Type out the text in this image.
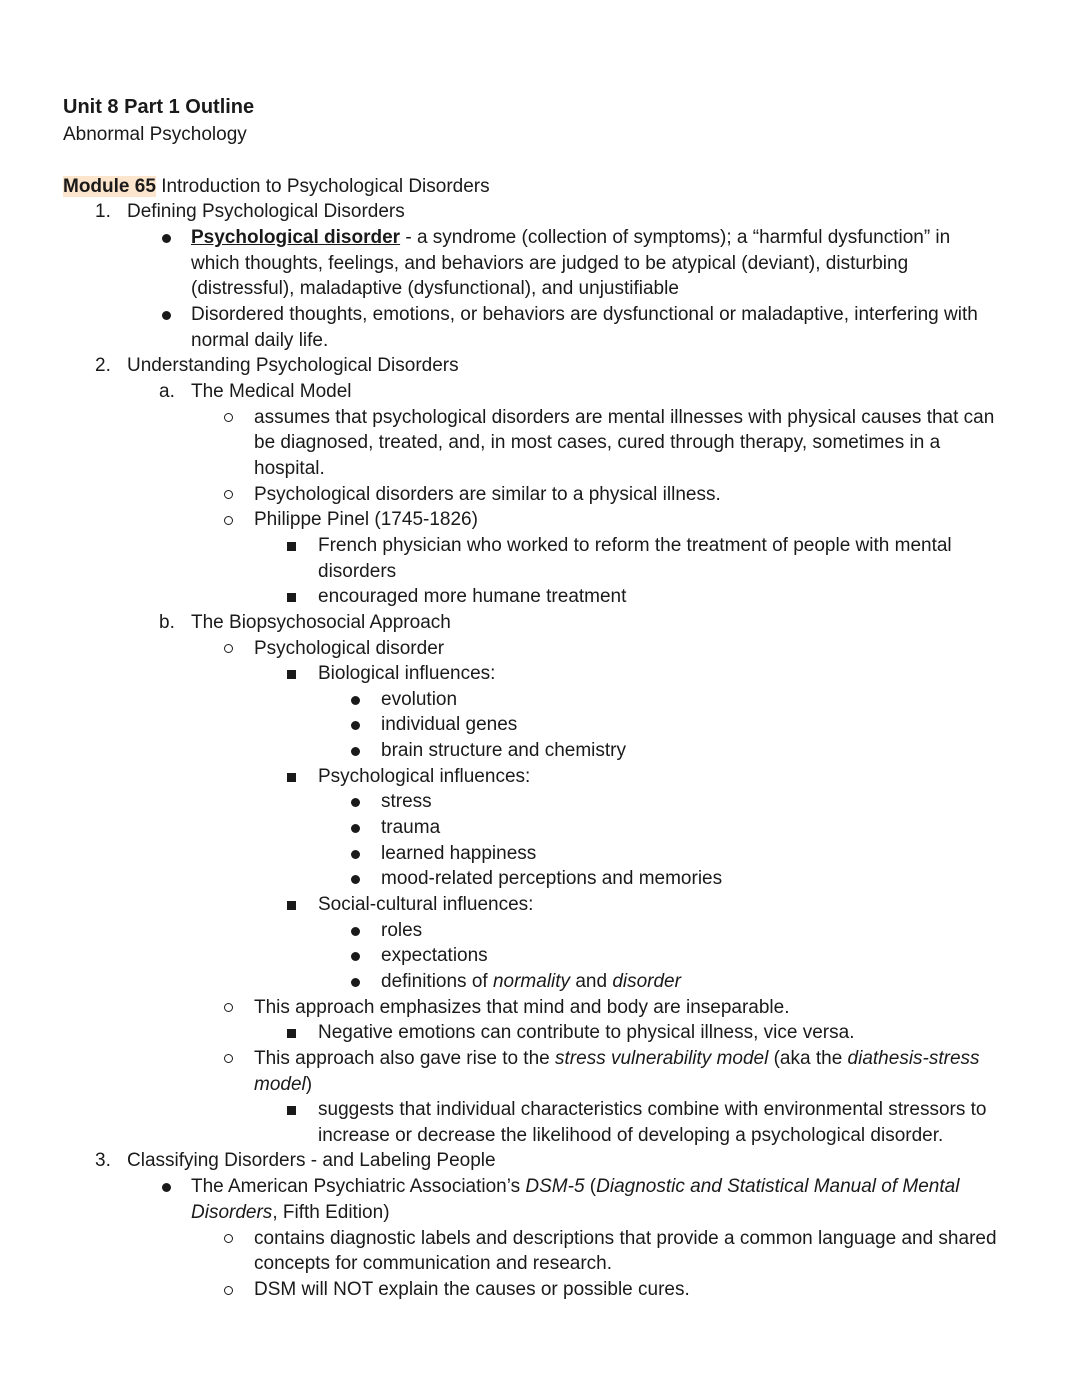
Unit 8 Part 1 Outline
Abnormal Psychology
Module 65 Introduction to Psychological Disorders
1. Defining Psychological Disorders
Psychological disorder - a syndrome (collection of symptoms); a “harmful dysfunction” in
which thoughts, feelings, and behaviors are judged to be atypical (deviant), disturbing
(distressful), maladaptive (dysfunctional), and unjustifiable
Disordered thoughts, emotions, or behaviors are dysfunctional or maladaptive, interfering with
normal daily life.
2. Understanding Psychological Disorders
a. The Medical Model
assumes that psychological disorders are mental illnesses with physical causes that can
be diagnosed, treated, and, in most cases, cured through therapy, sometimes in a
hospital.
Psychological disorders are similar to a physical illness.
Philippe Pinel (1745-1826)
French physician who worked to reform the treatment of people with mental
disorders
encouraged more humane treatment
b. The Biopsychosocial Approach
Psychological disorder
Biological influences:
evolution
individual genes
brain structure and chemistry
Psychological influences:
stress
trauma
learned happiness
mood-related perceptions and memories
Social-cultural influences:
roles
expectations
definitions of normality and disorder
This approach emphasizes that mind and body are inseparable.
Negative emotions can contribute to physical illness, vice versa.
This approach also gave rise to the stress vulnerability model (aka the diathesis-stress
model)
suggests that individual characteristics combine with environmental stressors to
increase or decrease the likelihood of developing a psychological disorder.
3. Classifying Disorders - and Labeling People
The American Psychiatric Association’s DSM-5 (Diagnostic and Statistical Manual of Mental
Disorders, Fifth Edition)
contains diagnostic labels and descriptions that provide a common language and shared
concepts for communication and research.
DSM will NOT explain the causes or possible cures.
